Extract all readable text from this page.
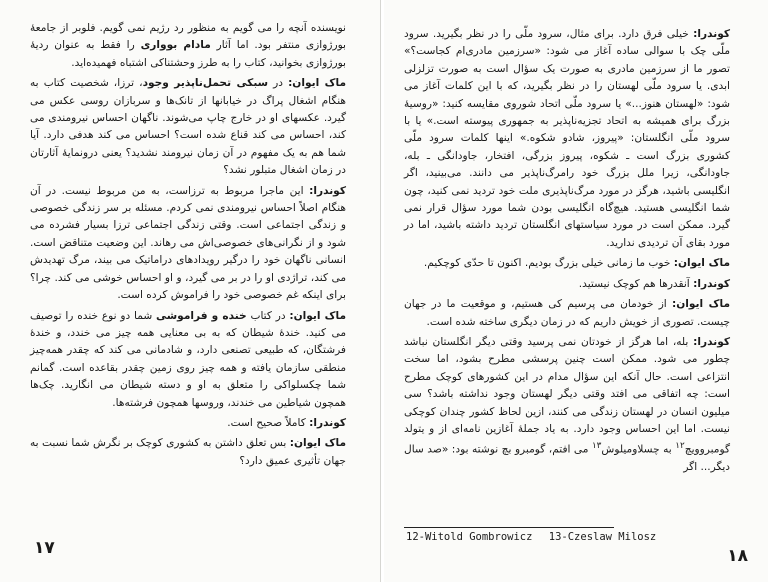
نویسنده آنچه را می گویم به منظور رد رژیم نمی گویم. فلوبر از جامعهٔ بورژوازی منتفر بود. اما آثار مادام بوواری را فقط به عنوان ردیهٔ بورژوازی بخوانید، کتاب را به طرز وحشتناکی اشتباه فهمیده‌اید.

ماک ایوان: در سبکی تحمل‌ناپذیر وجود، ترزا، شخصیت کتاب به هنگام اشغال پراگ در خیابانها از تانک‌ها و سربازان روسی عکس می گیرد. عکسهای او در خارج چاپ می‌شوند. ناگهان احساس نیرومندی می کند، احساس می کند قناع شده است؟ احساس می کند هدفی دارد. آیا شما هم به یک مفهوم در آن زمان نیرومند نشدید؟ یعنی درونمایهٔ آثارتان در زمان اشغال متبلور نشد؟

کوندرا: این ماجرا مربوط به ترزاست، به من مربوط نیست. در آن هنگام اصلاً احساس نیرومندی نمی کردم. مسئله بر سر زندگی خصوصی و زندگی اجتماعی است. وقتی زندگی اجتماعی ترزا بسیار فشرده می شود و از نگرانی‌های خصوصی‌اش می رهاند. این وضعیت متناقض است. انسانی ناگهان خود را درگیر رویدادهای دراماتیک می بیند، مرگ تهدیدش می کند، تراژدی او را در بر می گیرد، و او احساس خوشی می کند. چرا؟ برای اینکه غم خصوصی خود را فراموش کرده است.

ماک ایوان: در کتاب خنده و فراموشی شما دو نوع خنده را توصیف می کنید. خندهٔ شیطان که به بی معنایی همه چیز می خندد، و خندهٔ فرشتگان، که طبیعی تصنعی دارد، و شادمانی می کند که چقدر همه‌چیز منطقی سازمان یافته و همه چیز روی زمین چقدر بقاعده است. گمانم شما چکسلواکی را متعلق به او و دسته شیطان می انگارید. چک‌ها همچون شیاطین می خندند، وروسها همچون فرشته‌ها.

کوندرا: کاملاً صحیح است.

ماک ایوان: بس تعلق داشتن به کشوری کوچک بر نگرش شما نسبت به جهان تأثیری عمیق دارد؟

۱۷

کوندرا: خیلی فرق دارد. برای مثال، سرود ملّی را در نظر بگیرید. سرود ملّی چک با سوالی ساده آغاز می شود: «سرزمین مادری‌ام کجاست؟» تصور ما از سرزمین مادری به صورت یک سؤال است به صورت تزلزلی ابدی. یا سرود ملّی لهستان را در نظر بگیرید، که با این کلمات آغاز می شود: «لهستان هنوز...» یا سرود ملّی اتحاد شوروی مقایسه کنید: «روسیهٔ بزرگ برای همیشه به اتحاد تجزیه‌ناپذیر به جمهوری پیوسته است.» یا با سرود ملّی انگلستان: «پیروز، شادو شکوه.» اینها کلمات سرود ملّی کشوری بزرگ است ـ شکوه، پیروز بزرگی، افتخار، جاودانگی ـ بله، جاودانگی، زیرا ملل بزرگ خود رامرگ‌ناپذیر می دانند. می‌بینید، اگر انگلیسی باشید، هرگز در مورد مرگ‌ناپذیری ملت خود تردید نمی کنید، چون شما انگلیسی هستید. هیچ‌گاه انگلیسی بودن شما مورد سؤال قرار نمی گیرد. ممکن است در مورد سیاستهای انگلستان تردید داشته باشید، اما در مورد بقای آن تردیدی ندارید.

ماک ایوان: خوب ما زمانی خیلی بزرگ بودیم. اکنون تا حدّی کوچکیم.

کوندرا: آنقدرها هم کوچک نیستید.

ماک ایوان: از خودمان می پرسیم کی هستیم، و موقعیت ما در جهان چیست. تصوری از خویش داریم که در زمان دیگری ساخته شده است.

کوندرا: بله، اما هرگز از خودتان نمی پرسید وقتی دیگر انگلستان نباشد چطور می شود. ممکن است چنین پرسشی مطرح بشود، اما سخت انتزاعی است. حال آنکه این سؤال مدام در این کشورهای کوچک مطرح است: چه اتفاقی می افتد وقتی دیگر لهستان وجود نداشته باشد؟ سی میلیون انسان در لهستان زندگی می کنند، ازین لحاظ کشور چندان کوچکی نیست. اما این احساس وجود دارد. به یاد جملهٔ آغازین نامه‌ای از و یتولد گومبروویچ$^{١٢}$ به چسلاومیلوش$^{١٣}$ می افتم، گومبرو بچ نوشته بود: «صد سال دیگر... اگر

12-Witold Gombrowicz 13-Czeslaw Milosz
۱۸
